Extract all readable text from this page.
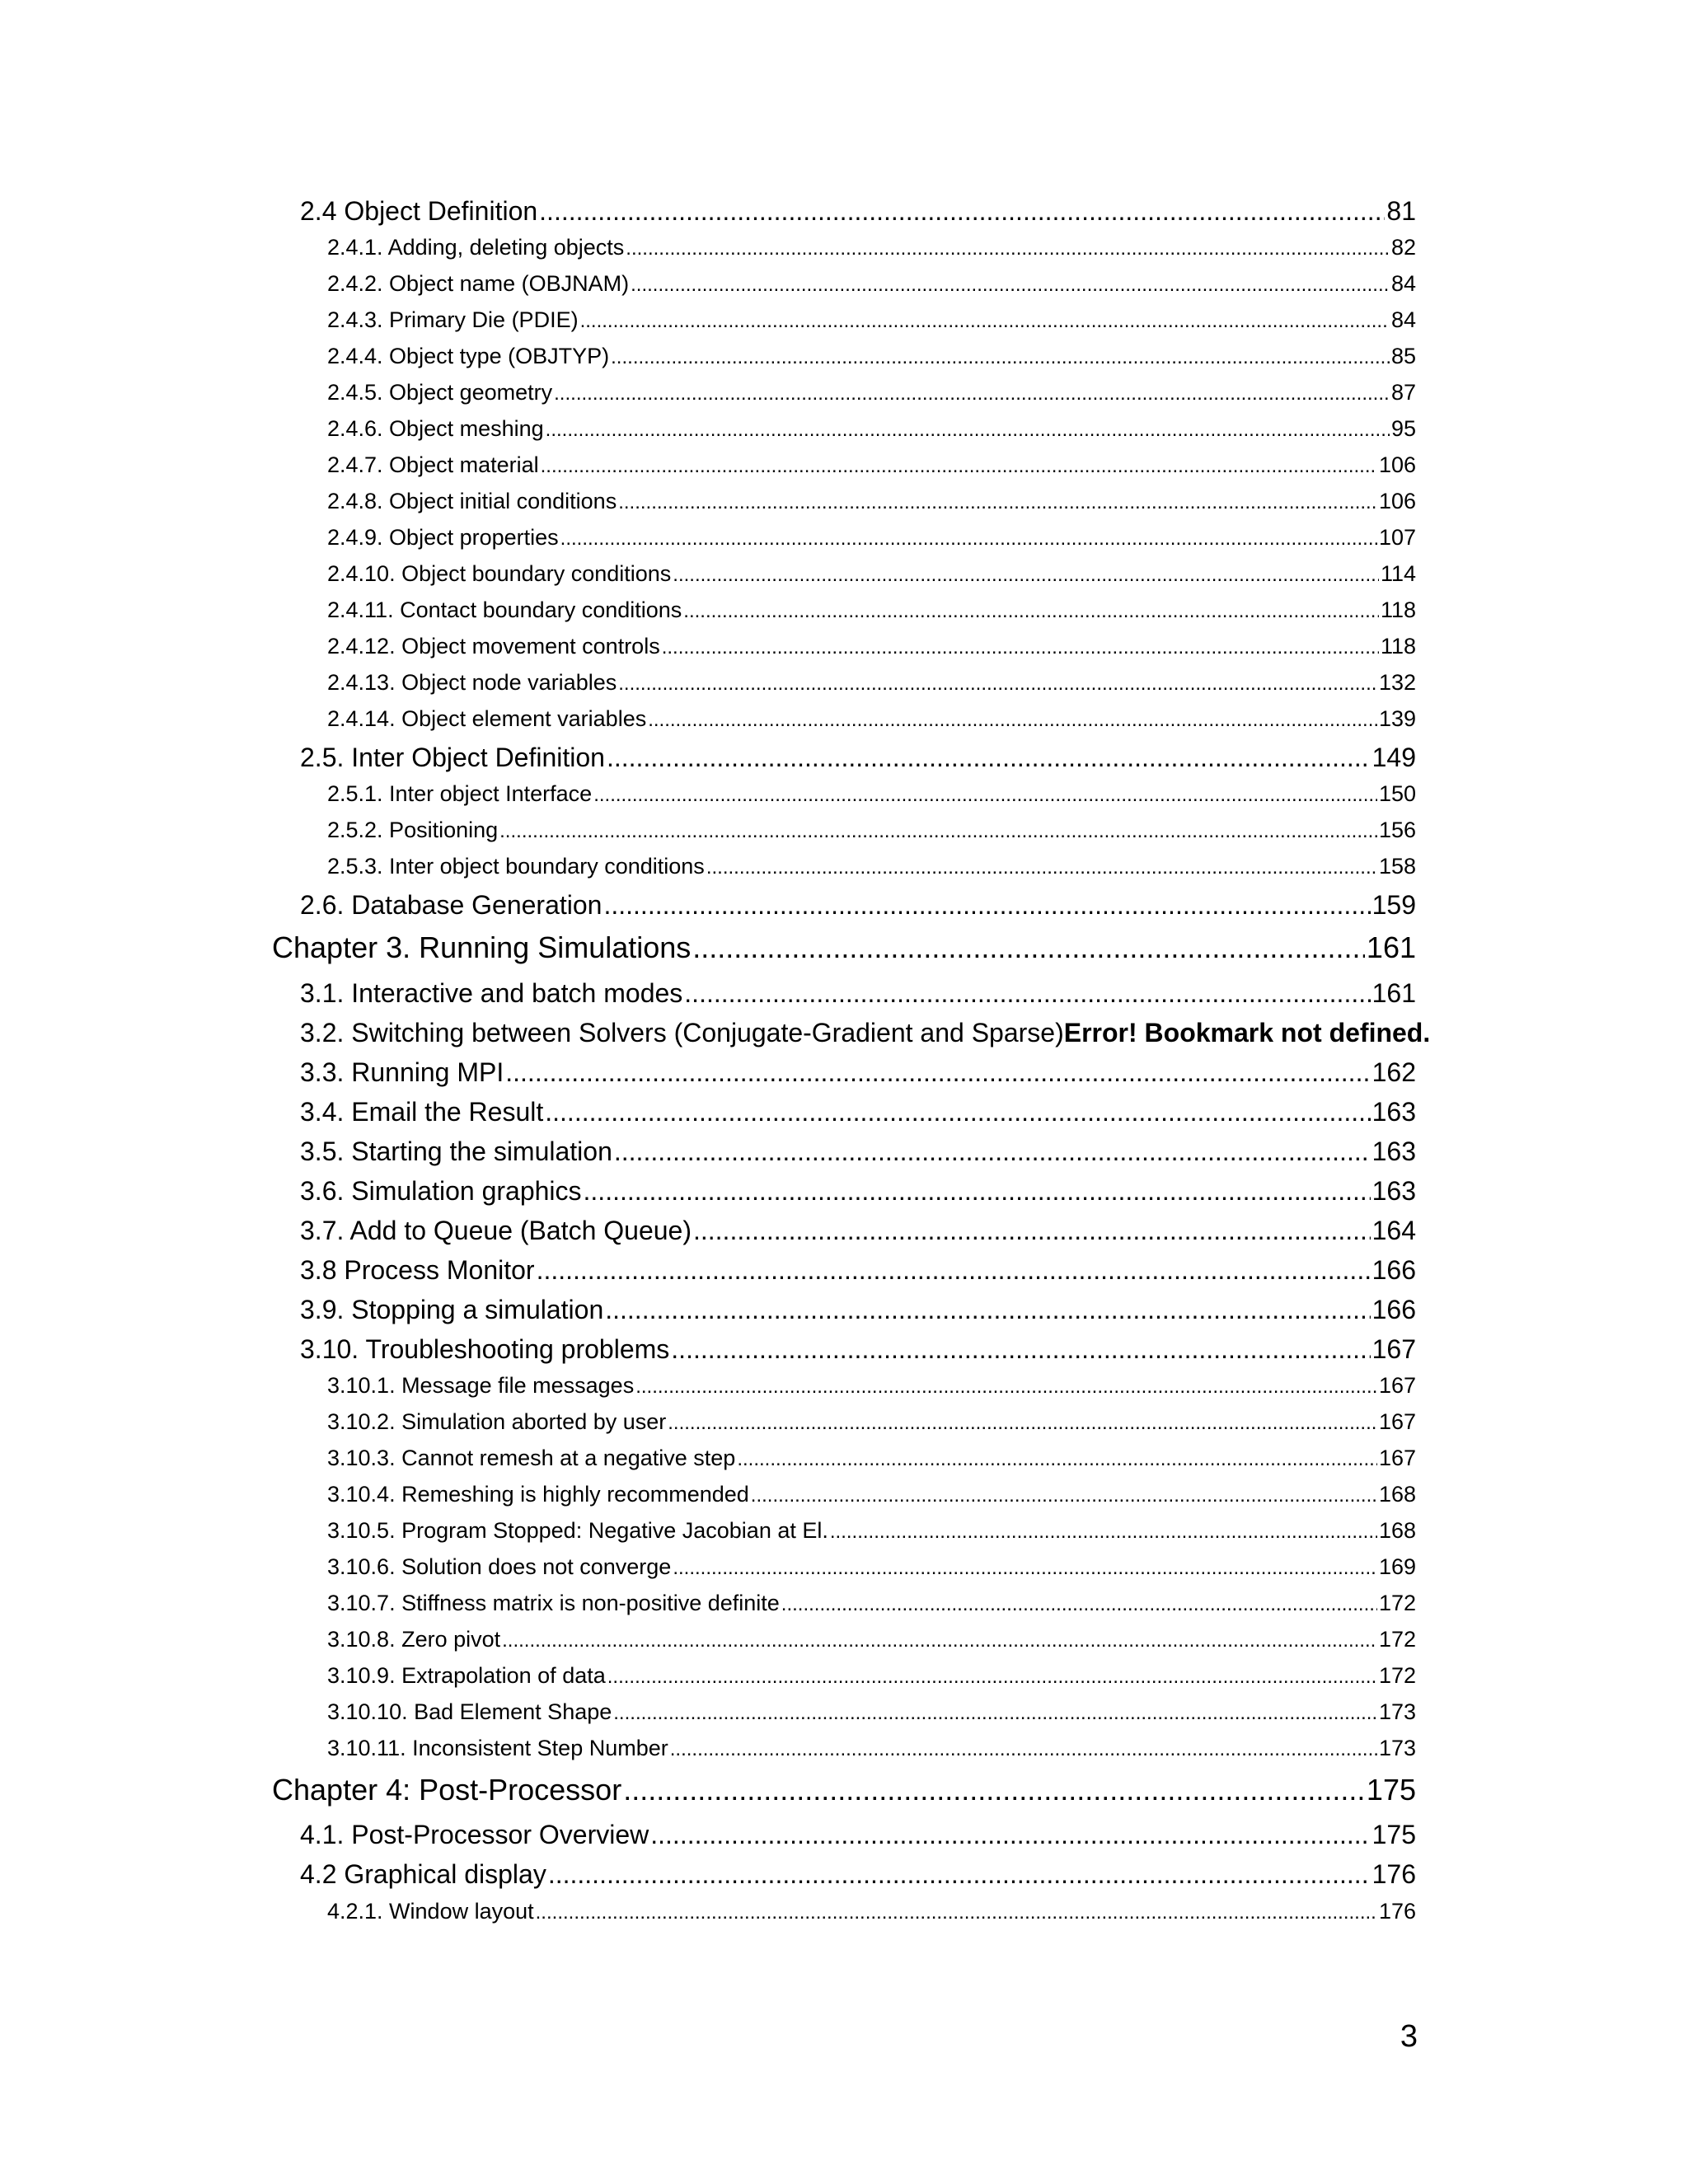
2.4 Object Definition .....	81
2.4.1. Adding, deleting objects .....	82
2.4.2. Object name (OBJNAM) .....	84
2.4.3. Primary Die (PDIE) .....	84
2.4.4. Object type (OBJTYP) .....	85
2.4.5. Object geometry .....	87
2.4.6. Object meshing .....	95
2.4.7. Object material .....	106
2.4.8. Object initial conditions .....	106
2.4.9. Object properties .....	107
2.4.10. Object boundary conditions .....	114
2.4.11. Contact boundary conditions .....	118
2.4.12. Object movement controls .....	118
2.4.13. Object node variables .....	132
2.4.14. Object element variables .....	139
2.5. Inter Object Definition .....	149
2.5.1. Inter object Interface .....	150
2.5.2. Positioning .....	156
2.5.3. Inter object boundary conditions .....	158
2.6. Database Generation .....	159
Chapter 3. Running Simulations .....	161
3.1. Interactive and batch modes .....	161
3.2. Switching between Solvers (Conjugate-Gradient and Sparse) Error! Bookmark not defined.
3.3. Running MPI .....	162
3.4. Email the Result .....	163
3.5. Starting the simulation .....	163
3.6. Simulation graphics .....	163
3.7. Add to Queue (Batch Queue) .....	164
3.8 Process Monitor .....	166
3.9. Stopping a simulation .....	166
3.10. Troubleshooting problems .....	167
3.10.1. Message file messages .....	167
3.10.2. Simulation aborted by user .....	167
3.10.3. Cannot remesh at a negative step .....	167
3.10.4. Remeshing is highly recommended .....	168
3.10.5. Program Stopped: Negative Jacobian at El. .....	168
3.10.6. Solution does not converge .....	169
3.10.7. Stiffness matrix is non-positive definite .....	172
3.10.8. Zero pivot .....	172
3.10.9. Extrapolation of data .....	172
3.10.10. Bad Element Shape .....	173
3.10.11. Inconsistent Step Number .....	173
Chapter 4: Post-Processor .....	175
4.1. Post-Processor Overview .....	175
4.2 Graphical display .....	176
4.2.1. Window layout .....	176
3
